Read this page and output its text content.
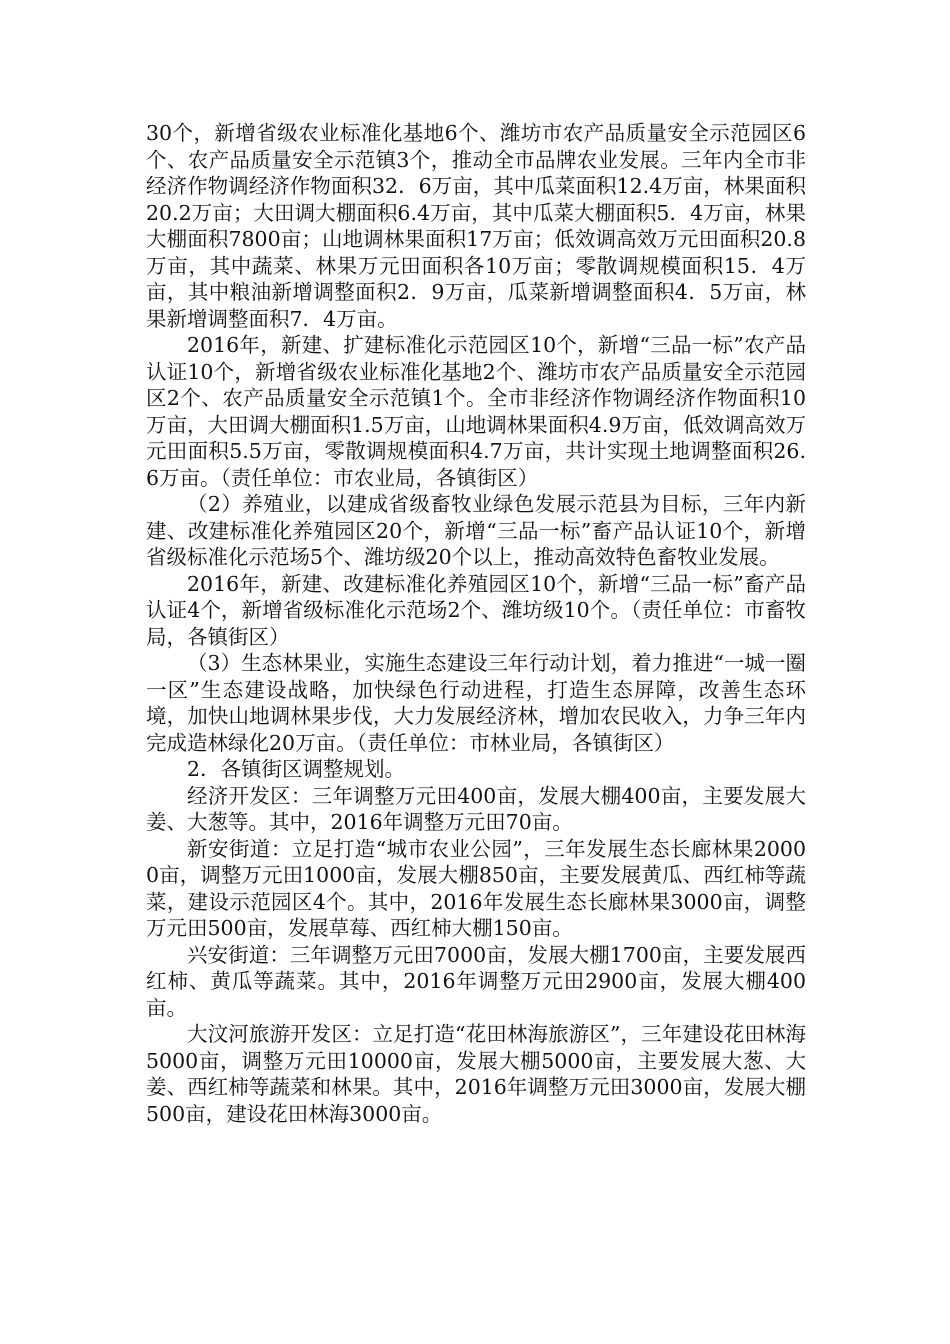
30个，新增省级农业标准化基地6个、潍坊市农产品质量安全示范园区6个、农产品质量安全示范镇3个，推动全市品牌农业发展。三年内全市非经济作物调经济作物面积32．6万亩，其中瓜菜面积12.4万亩，林果面积20.2万亩；大田调大棚面积6.4万亩，其中瓜菜大棚面积5．4万亩，林果大棚面积7800亩；山地调林果面积17万亩；低效调高效万元田面积20.8万亩，其中蔬菜、林果万元田面积各10万亩；零散调规模面积15．4万亩，其中粮油新增调整面积2．9万亩，瓜菜新增调整面积4．5万亩，林果新增调整面积7．4万亩。

2016年，新建、扩建标准化示范园区10个，新增“三品一标”农产品认证10个，新增省级农业标准化基地2个、潍坊市农产品质量安全示范园区2个、农产品质量安全示范镇1个。全市非经济作物调经济作物面积10万亩，大田调大棚面积1.5万亩，山地调林果面积4.9万亩，低效调高效万元田面积5.5万亩，零散调规模面积4.7万亩，共计实现土地调整面积26.6万亩。（责任单位：市农业局，各镇街区）

（2）养殖业，以建成省级畜牧业绿色发展示范县为目标，三年内新建、改建标准化养殖园区20个，新增“三品一标”畜产品认证10个，新增省级标准化示范场5个、潍坊级20个以上，推动高效特色畜牧业发展。

2016年，新建、改建标准化养殖园区10个，新增“三品一标”畜产品认证4个，新增省级标准化示范场2个、潍坊级10个。（责任单位：市畜牧局，各镇街区）

（3）生态林果业，实施生态建设三年行动计划，着力推进“一城一圈一区”生态建设战略，加快绿色行动进程，打造生态屏障，改善生态环境，加快山地调林果步伐，大力发展经济林，增加农民收入，力争三年内完成造林绿化20万亩。（责任单位：市林业局，各镇街区）

2．各镇街区调整规划。

经济开发区：三年调整万元田400亩，发展大棚400亩，主要发展大姜、大葱等。其中，2016年调整万元田70亩。

新安街道：立足打造“城市农业公园”，三年发展生态长廊林果20000亩，调整万元田1000亩，发展大棚850亩，主要发展黄瓜、西红柿等蔬菜，建设示范园区4个。其中，2016年发展生态长廊林果3000亩，调整万元田500亩，发展草莓、西红柿大棚150亩。

兴安街道：三年调整万元田7000亩，发展大棚1700亩，主要发展西红柿、黄瓜等蔬菜。其中，2016年调整万元田2900亩，发展大棚400亩。

大汶河旅游开发区：立足打造“花田林海旅游区”，三年建设花田林海5000亩，调整万元田10000亩，发展大棚5000亩，主要发展大葱、大姜、西红柿等蔬菜和林果。其中，2016年调整万元田3000亩，发展大棚500亩，建设花田林海3000亩。
